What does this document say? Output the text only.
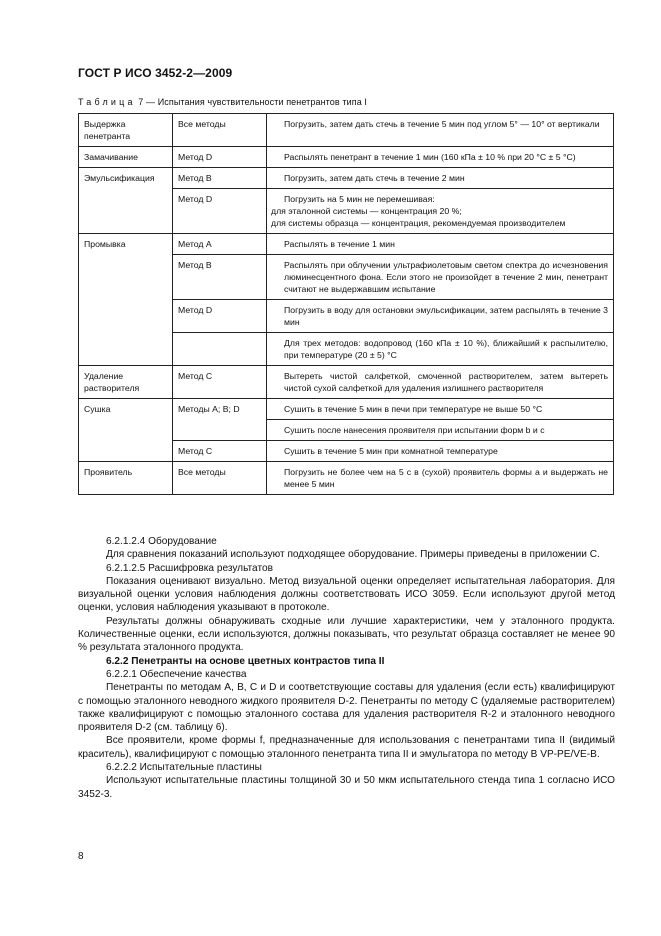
ГОСТ Р ИСО 3452-2—2009
Таблица 7 — Испытания чувствительности пенетрантов типа I
Выдержка пенетранта	Все методы	Погрузить, затем дать стечь в течение 5 мин под углом 5° — 10° от вертикали

Замачивание	Метод D	Распылять пенетрант в течение 1 мин (160 кПа ± 10 % при 20 °С ± 5 °С)

Эмульсификация	Метод В	Погрузить, затем дать стечь в течение 2 мин

	Метод D	Погрузить на 5 мин не перемешивая:
для эталонной системы — концентрация 20 %;
для системы образца — концентрация, рекомендуемая производителем

Промывка	Метод А	Распылять в течение 1 мин

	Метод В	Распылять при облучении ультрафиолетовым светом спектра до исчезновения люминесцентного фона. Если этого не произойдет в течение 2 мин, пенетрант считают не выдержавшим испытание

	Метод D	Погрузить в воду для остановки эмульсификации, затем распылять в течение 3 мин

		Для трех методов: водопровод (160 кПа ± 10 %), ближайший к распылителю, при температуре (20 ± 5) °С

Удаление растворителя	Метод С	Вытереть чистой салфеткой, смоченной растворителем, затем вытереть чистой сухой салфеткой для удаления излишнего растворителя

Сушка	Методы А; В; D	Сушить в течение 5 мин в печи при температуре не выше 50 °С

		Сушить после нанесения проявителя при испытании форм b и с

	Метод С	Сушить в течение 5 мин при комнатной температуре

Проявитель	Все методы	Погрузить не более чем на 5 с в (сухой) проявитель формы а и выдержать не менее 5 мин

6.2.1.2.4 Оборудование

Для сравнения показаний используют подходящее оборудование. Примеры приведены в приложении С.

6.2.1.2.5 Расшифровка результатов

Показания оценивают визуально. Метод визуальной оценки определяет испытательная лаборатория. Для визуальной оценки условия наблюдения должны соответствовать ИСО 3059. Если используют другой метод оценки, условия наблюдения указывают в протоколе.

Результаты должны обнаруживать сходные или лучшие характеристики, чем у эталонного продукта. Количественные оценки, если используются, должны показывать, что результат образца составляет не менее 90 % результата эталонного продукта.

6.2.2 Пенетранты на основе цветных контрастов типа II

6.2.2.1 Обеспечение качества

Пенетранты по методам А, В, С и D и соответствующие составы для удаления (если есть) квалифицируют с помощью эталонного неводного жидкого проявителя D-2. Пенетранты по методу С (удаляемые растворителем) также квалифицируют с помощью эталонного состава для удаления растворителя R-2 и эталонного неводного проявителя D-2 (см. таблицу 6).

Все проявители, кроме формы f, предназначенные для использования с пенетрантами типа II (видимый краситель), квалифицируют с помощью эталонного пенетранта типа II и эмульгатора по методу В VP-PE/VE-B.

6.2.2.2 Испытательные пластины

Используют испытательные пластины толщиной 30 и 50 мкм испытательного стенда типа 1 согласно ИСО 3452-3.

8
